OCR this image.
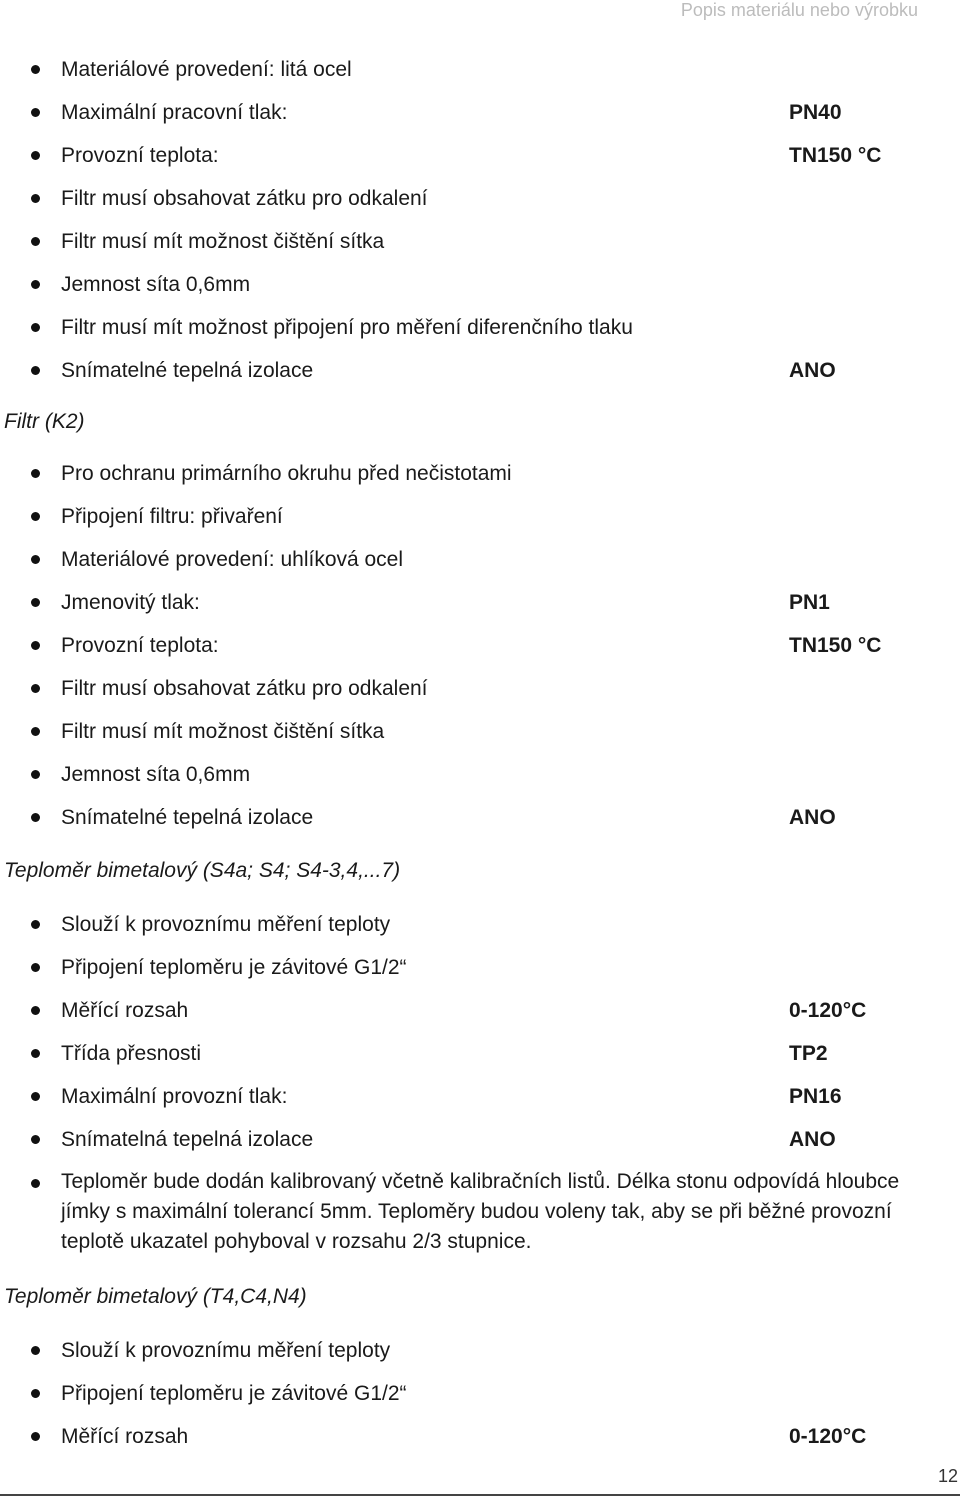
Popis materiálu nebo výrobku
Materiálové provedení: litá ocel
Maximální pracovní tlak:	PN40
Provozní teplota:	TN150 °C
Filtr musí obsahovat zátku pro odkalení
Filtr musí mít možnost čištění sítka
Jemnost síta 0,6mm
Filtr musí mít možnost připojení pro měření diferenčního tlaku
Snímatelné tepelná izolace	ANO
Filtr (K2)
Pro ochranu primárního okruhu před nečistotami
Připojení filtru: přivaření
Materiálové provedení: uhlíková ocel
Jmenovitý tlak:	PN1
Provozní teplota:	TN150 °C
Filtr musí obsahovat zátku pro odkalení
Filtr musí mít možnost čištění sítka
Jemnost síta 0,6mm
Snímatelné tepelná izolace	ANO
Teploměr bimetalový (S4a; S4; S4-3,4,...7)
Slouží k provoznímu měření teploty
Připojení teploměru je závitové G1/2“
Měřící rozsah	0-120°C
Třída přesnosti	TP2
Maximální provozní tlak:	PN16
Snímatelná tepelná izolace	ANO
Teploměr bude dodán kalibrovaný včetně kalibračních listů. Délka stonu odpovídá hloubce jímky s maximální tolerancí 5mm. Teploměry budou voleny tak, aby se při běžné provozní teplotě ukazatel pohyboval v rozsahu 2/3 stupnice.
Teploměr bimetalový (T4,C4,N4)
Slouží k provoznímu měření teploty
Připojení teploměru je závitové G1/2“
Měřící rozsah	0-120°C
12
